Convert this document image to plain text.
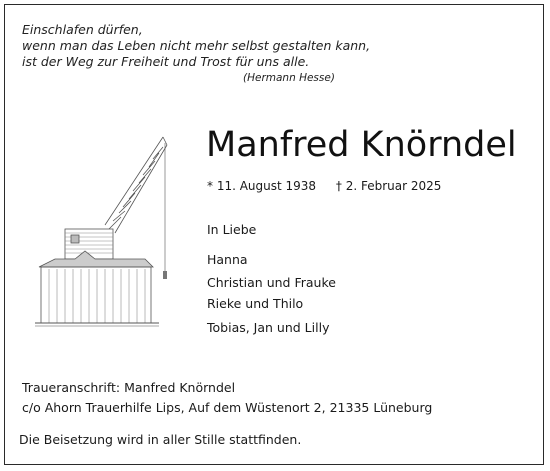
Einschlafen dürfen,
wenn man das Leben nicht mehr selbst gestalten kann,
ist der Weg zur Freiheit und Trost für uns alle.
(Hermann Hesse)
Manfred Knörndel
* 11. August 1938 † 2. Februar 2025
In Liebe
Hanna
Christian und Frauke
Rieke und Thilo
Tobias, Jan und Lilly
Traueranschrift: Manfred Knörndel
c/o Ahorn Trauerhilfe Lips, Auf dem Wüstenort 2, 21335 Lüneburg
Die Beisetzung wird in aller Stille stattfinden.
